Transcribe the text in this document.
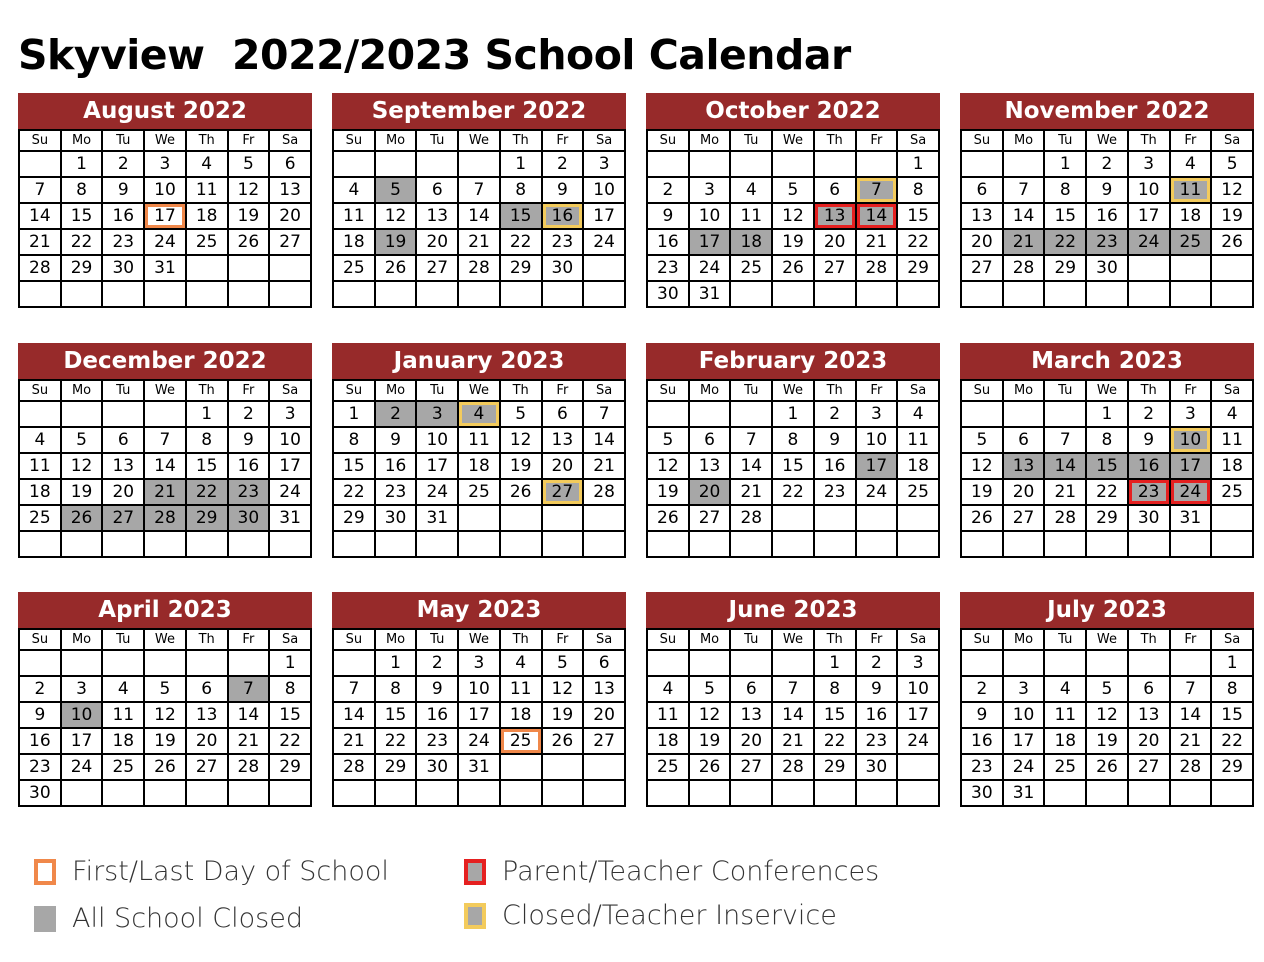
Skyview  2022/2023 School Calendar
August 2022
Su	Mo	Tu	We	Th	Fr	Sa
	1	2	3	4	5	6
7	8	9	10	11	12	13
14	15	16	17	18	19	20
21	22	23	24	25	26	27
28	29	30	31			

September 2022
Su	Mo	Tu	We	Th	Fr	Sa
				1	2	3
4	5	6	7	8	9	10
11	12	13	14	15	16	17
18	19	20	21	22	23	24
25	26	27	28	29	30	

October 2022
Su	Mo	Tu	We	Th	Fr	Sa
						1
2	3	4	5	6	7	8
9	10	11	12	13	14	15
16	17	18	19	20	21	22
23	24	25	26	27	28	29
30	31					
November 2022
Su	Mo	Tu	We	Th	Fr	Sa
		1	2	3	4	5
6	7	8	9	10	11	12
13	14	15	16	17	18	19
20	21	22	23	24	25	26
27	28	29	30			

December 2022
Su	Mo	Tu	We	Th	Fr	Sa
				1	2	3
4	5	6	7	8	9	10
11	12	13	14	15	16	17
18	19	20	21	22	23	24
25	26	27	28	29	30	31

January 2023
Su	Mo	Tu	We	Th	Fr	Sa
1	2	3	4	5	6	7
8	9	10	11	12	13	14
15	16	17	18	19	20	21
22	23	24	25	26	27	28
29	30	31				

February 2023
Su	Mo	Tu	We	Th	Fr	Sa
			1	2	3	4
5	6	7	8	9	10	11
12	13	14	15	16	17	18
19	20	21	22	23	24	25
26	27	28				

March 2023
Su	Mo	Tu	We	Th	Fr	Sa
			1	2	3	4
5	6	7	8	9	10	11
12	13	14	15	16	17	18
19	20	21	22	23	24	25
26	27	28	29	30	31	

April 2023
Su	Mo	Tu	We	Th	Fr	Sa
						1
2	3	4	5	6	7	8
9	10	11	12	13	14	15
16	17	18	19	20	21	22
23	24	25	26	27	28	29
30						
May 2023
Su	Mo	Tu	We	Th	Fr	Sa
	1	2	3	4	5	6
7	8	9	10	11	12	13
14	15	16	17	18	19	20
21	22	23	24	25	26	27
28	29	30	31			

June 2023
Su	Mo	Tu	We	Th	Fr	Sa
				1	2	3
4	5	6	7	8	9	10
11	12	13	14	15	16	17
18	19	20	21	22	23	24
25	26	27	28	29	30	

July 2023
Su	Mo	Tu	We	Th	Fr	Sa
						1
2	3	4	5	6	7	8
9	10	11	12	13	14	15
16	17	18	19	20	21	22
23	24	25	26	27	28	29
30	31					
First/Last Day of School
All School Closed
Parent/Teacher Conferences
Closed/Teacher Inservice
